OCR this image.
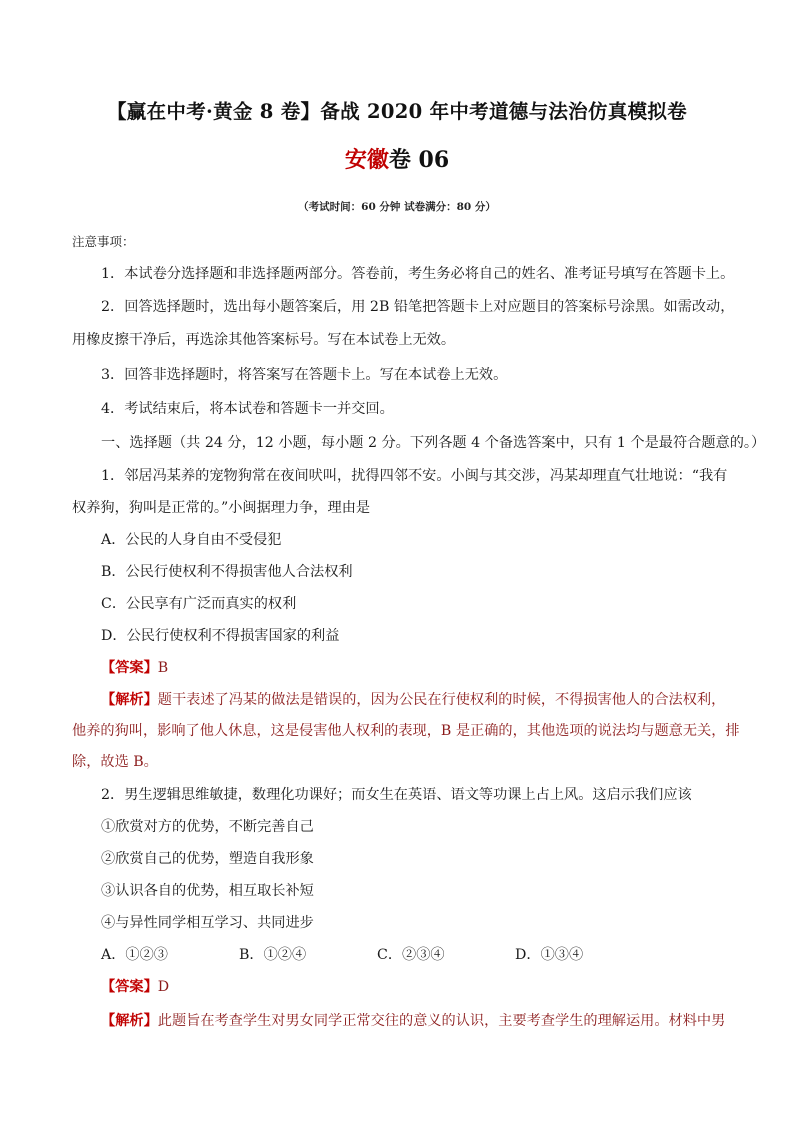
【赢在中考·黄金 8 卷】备战 2020 年中考道德与法治仿真模拟卷
安徽卷 06
（考试时间：60 分钟 试卷满分：80 分）
注意事项：
1．本试卷分选择题和非选择题两部分。答卷前，考生务必将自己的姓名、准考证号填写在答题卡上。
2．回答选择题时，选出每小题答案后，用 2B 铅笔把答题卡上对应题目的答案标号涂黑。如需改动，
用橡皮擦干净后，再选涂其他答案标号。写在本试卷上无效。
3．回答非选择题时，将答案写在答题卡上。写在本试卷上无效。
4．考试结束后，将本试卷和答题卡一并交回。
一、选择题（共 24 分，12 小题，每小题 2 分。下列各题 4 个备选答案中，只有 1 个是最符合题意的。）
1．邻居冯某养的宠物狗常在夜间吠叫，扰得四邻不安。小闽与其交涉，冯某却理直气壮地说：“我有
权养狗，狗叫是正常的。”小闽据理力争，理由是
A．公民的人身自由不受侵犯
B．公民行使权利不得损害他人合法权利
C．公民享有广泛而真实的权利
D．公民行使权利不得损害国家的利益
【答案】B
【解析】题干表述了冯某的做法是错误的，因为公民在行使权利的时候，不得损害他人的合法权利，
他养的狗叫，影响了他人休息，这是侵害他人权利的表现，B 是正确的，其他选项的说法均与题意无关，排
除，故选 B。
2．男生逻辑思维敏捷，数理化功课好；而女生在英语、语文等功课上占上风。这启示我们应该
①欣赏对方的优势，不断完善自己
②欣赏自己的优势，塑造自我形象
③认识各自的优势，相互取长补短
④与异性同学相互学习、共同进步
A．①②③	B．①②④	C．②③④	D．①③④
【答案】D
【解析】此题旨在考查学生对男女同学正常交往的意义的认识，主要考查学生的理解运用。材料中男
